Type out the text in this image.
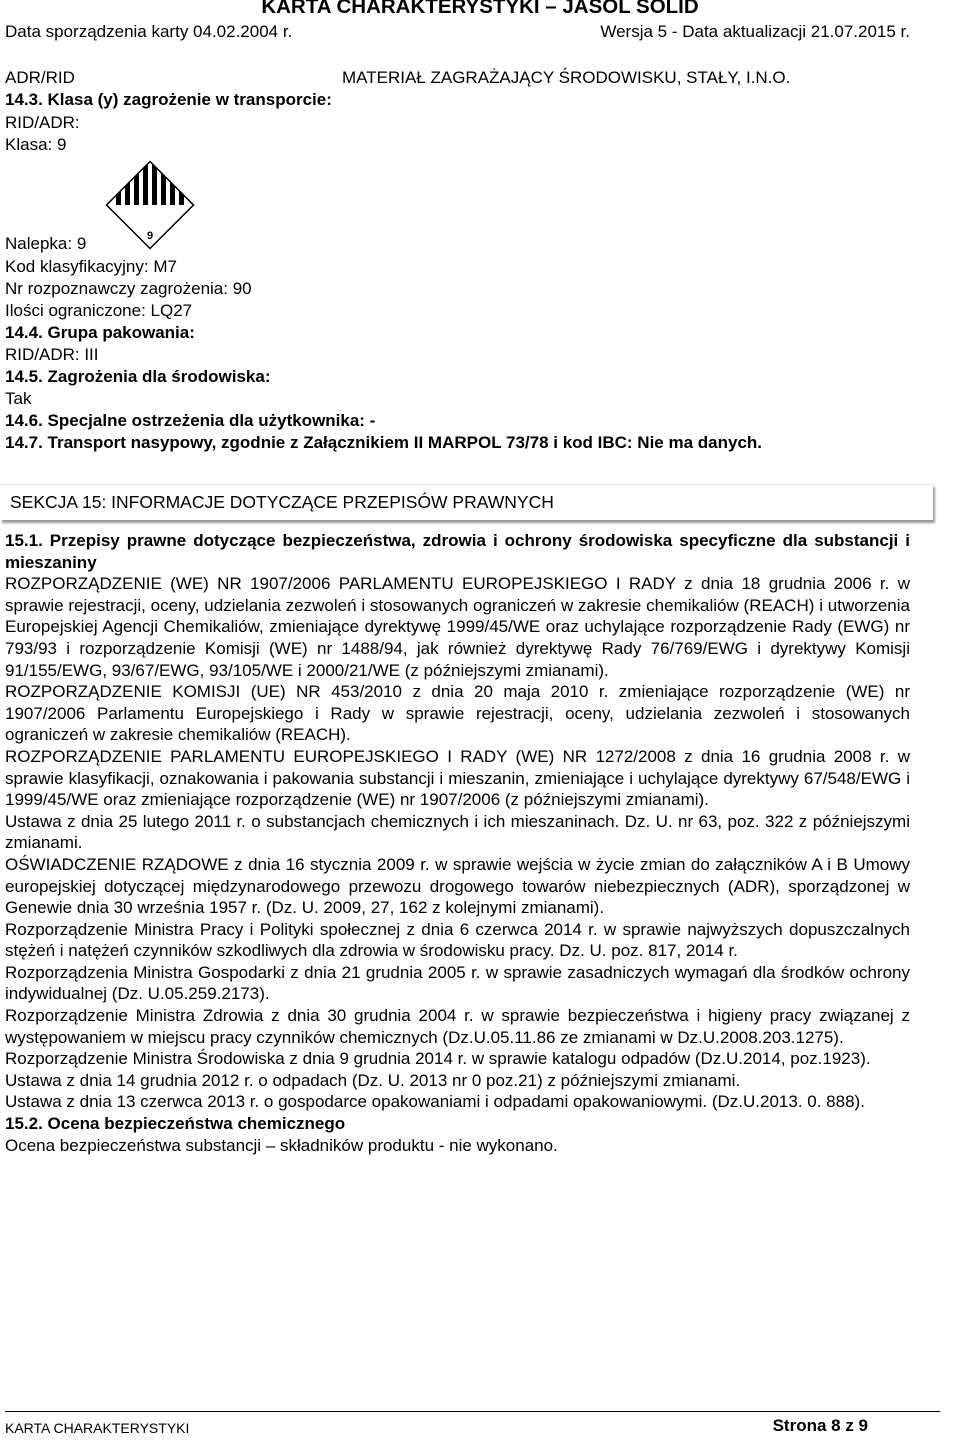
KARTA CHARAKTERYSTYKI – JASOL SOLID
Data sporządzenia karty 04.02.2004 r.	Wersja 5 - Data aktualizacji 21.07.2015 r.
ADR/RID	MATERIAŁ ZAGRAŻAJĄCY ŚRODOWISKU, STAŁY, I.N.O.
14.3. Klasa (y) zagrożenie w transporcie:
RID/ADR:
Klasa: 9
9
Nalepka: 9
Kod klasyfikacyjny: M7
Nr rozpoznawczy zagrożenia: 90
Ilości ograniczone: LQ27
14.4. Grupa pakowania:
RID/ADR: III
14.5. Zagrożenia dla środowiska:
Tak
14.6. Specjalne ostrzeżenia dla użytkownika: -
14.7. Transport nasypowy, zgodnie z Załącznikiem II MARPOL 73/78 i kod IBC: Nie ma danych.
SEKCJA 15: INFORMACJE DOTYCZĄCE PRZEPISÓW PRAWNYCH

15.1. Przepisy prawne dotyczące bezpieczeństwa, zdrowia i ochrony środowiska specyficzne dla substancji i mieszaniny

ROZPORZĄDZENIE (WE) NR 1907/2006 PARLAMENTU EUROPEJSKIEGO I RADY z dnia 18 grudnia 2006 r. w sprawie rejestracji, oceny, udzielania zezwoleń i stosowanych ograniczeń w zakresie chemikaliów (REACH) i utworzenia Europejskiej Agencji Chemikaliów, zmieniające dyrektywę 1999/45/WE oraz uchylające rozporządzenie Rady (EWG) nr 793/93 i rozporządzenie Komisji (WE) nr 1488/94, jak również dyrektywę Rady 76/769/EWG i dyrektywy Komisji 91/155/EWG, 93/67/EWG, 93/105/WE i 2000/21/WE (z późniejszymi zmianami).

ROZPORZĄDZENIE KOMISJI (UE) NR 453/2010 z dnia 20 maja 2010 r. zmieniające rozporządzenie (WE) nr 1907/2006 Parlamentu Europejskiego i Rady w sprawie rejestracji, oceny, udzielania zezwoleń i stosowanych ograniczeń w zakresie chemikaliów (REACH).

ROZPORZĄDZENIE PARLAMENTU EUROPEJSKIEGO I RADY (WE) NR 1272/2008 z dnia 16 grudnia 2008 r. w sprawie klasyfikacji, oznakowania i pakowania substancji i mieszanin, zmieniające i uchylające dyrektywy 67/548/EWG i 1999/45/WE oraz zmieniające rozporządzenie (WE) nr 1907/2006 (z późniejszymi zmianami).

Ustawa z dnia 25 lutego 2011 r. o substancjach chemicznych i ich mieszaninach. Dz. U. nr 63, poz. 322 z późniejszymi zmianami.

OŚWIADCZENIE RZĄDOWE z dnia 16 stycznia 2009 r. w sprawie wejścia w życie zmian do załączników A i B Umowy europejskiej dotyczącej międzynarodowego przewozu drogowego towarów niebezpiecznych (ADR), sporządzonej w Genewie dnia 30 września 1957 r. (Dz. U. 2009, 27, 162 z kolejnymi zmianami).

Rozporządzenie Ministra Pracy i Polityki społecznej z dnia 6 czerwca 2014 r. w sprawie najwyższych dopuszczalnych stężeń i natężeń czynników szkodliwych dla zdrowia w środowisku pracy. Dz. U. poz. 817, 2014 r.

Rozporządzenia Ministra Gospodarki z dnia 21 grudnia 2005 r. w sprawie zasadniczych wymagań dla środków ochrony indywidualnej (Dz. U.05.259.2173).

Rozporządzenie Ministra Zdrowia z dnia 30 grudnia 2004 r. w sprawie bezpieczeństwa i higieny pracy związanej z występowaniem w miejscu pracy czynników chemicznych (Dz.U.05.11.86 ze zmianami w Dz.U.2008.203.1275).

Rozporządzenie Ministra Środowiska z dnia 9 grudnia 2014 r. w sprawie katalogu odpadów (Dz.U.2014, poz.1923).

Ustawa z dnia 14 grudnia 2012 r. o odpadach (Dz. U. 2013 nr 0 poz.21) z późniejszymi zmianami.

Ustawa z dnia 13 czerwca 2013 r. o gospodarce opakowaniami i odpadami opakowaniowymi. (Dz.U.2013. 0. 888).

15.2. Ocena bezpieczeństwa chemicznego

Ocena bezpieczeństwa substancji – składników produktu - nie wykonano.

KARTA CHARAKTERYSTYKI	Strona 8 z 9
